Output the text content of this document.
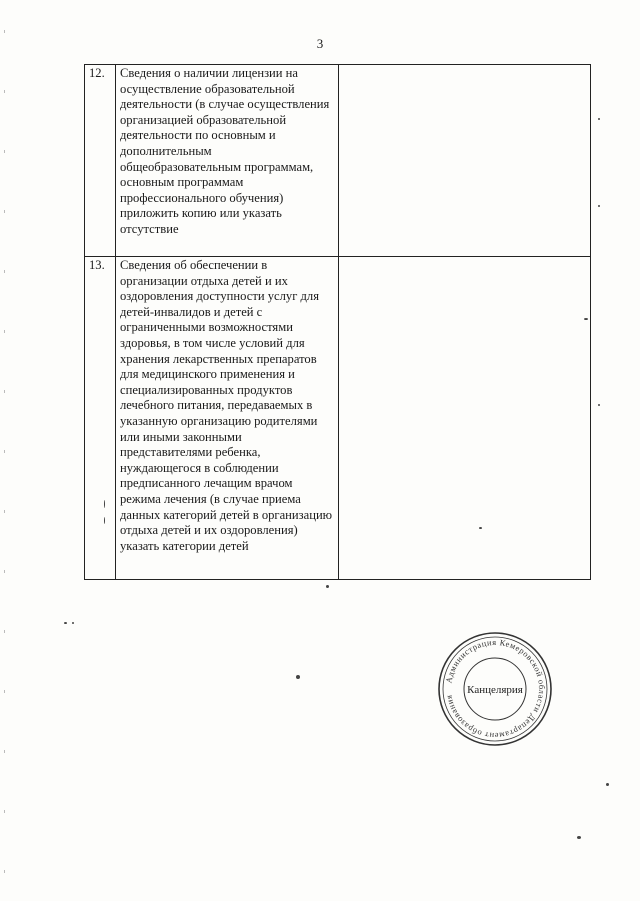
3
12.	Сведения о наличии лицензии на осуществление образовательной деятельности (в случае осуществления организацией образовательной деятельности по основным и дополнительным общеобразовательным программам, основным программам профессионального обучения) приложить копию или указать отсутствие	
13.	Сведения об обеспечении в организации отдыха детей и их оздоровления доступности услуг для детей-инвалидов и детей с ограниченными возможностями здоровья, в том числе условий для хранения лекарственных препаратов для медицинского применения и специализированных продуктов лечебного питания, передаваемых в указанную организацию родителями или иными законными представителями ребенка, нуждающегося в соблюдении предписанного лечащим врачом режима лечения (в случае приема данных категорий детей в организацию отдыха детей и их оздоровления) указать категории детей	
Администрация Кемеровской области Департамент образования
Канцелярия
